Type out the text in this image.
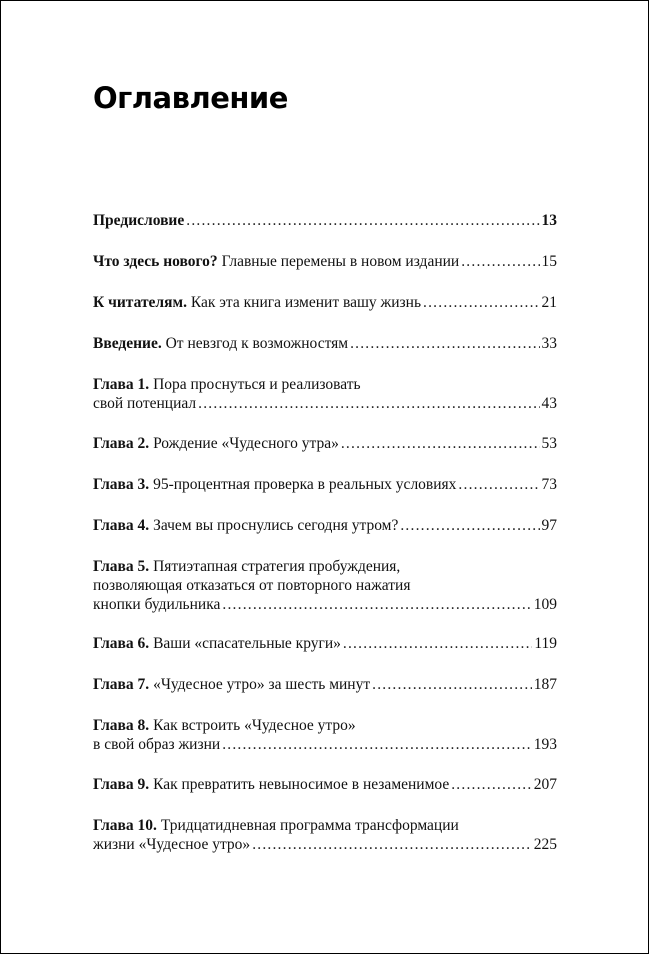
Оглавление
Предисловие .....	13
Что здесь нового? Главные перемены в новом издании .....	15
К читателям. Как эта книга изменит вашу жизнь .....	21
Введение. От невзгод к возможностям .....	33
Глава 1. Пора проснуться и реализовать
свой потенциал .....	43
Глава 2. Рождение «Чудесного утра» .....	53
Глава 3. 95-процентная проверка в реальных условиях .....	73
Глава 4. Зачем вы проснулись сегодня утром? .....	97
Глава 5. Пятиэтапная стратегия пробуждения,
позволяющая отказаться от повторного нажатия
кнопки будильника .....	109
Глава 6. Ваши «спасательные круги» .....	119
Глава 7. «Чудесное утро» за шесть минут .....	187
Глава 8. Как встроить «Чудесное утро»
в свой образ жизни .....	193
Глава 9. Как превратить невыносимое в незаменимое .....	207
Глава 10. Тридцатидневная программа трансформации
жизни «Чудесное утро» .....	225
